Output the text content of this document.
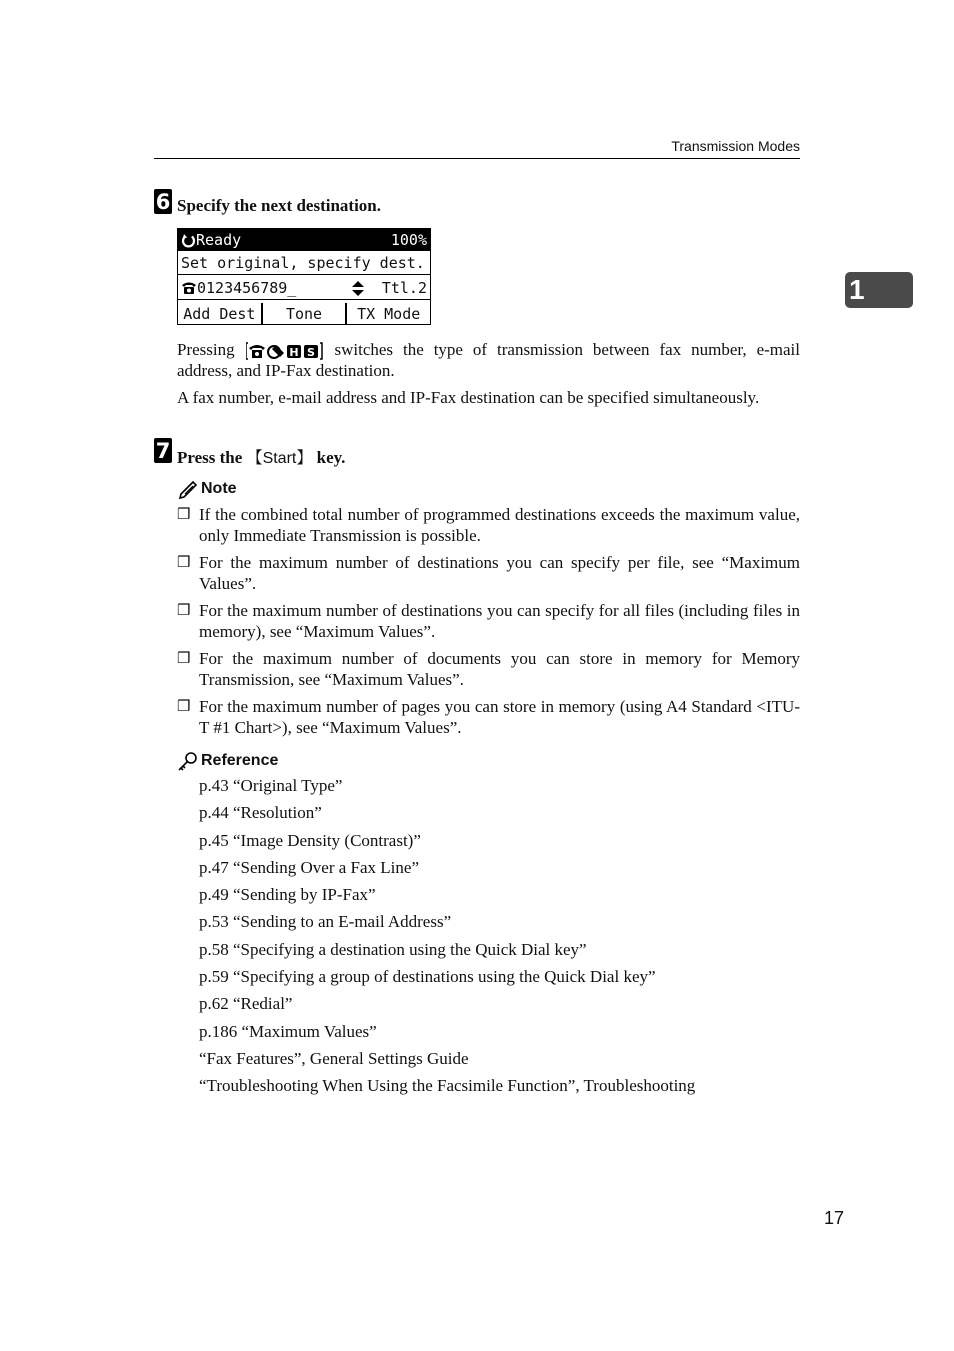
Transmission Modes
1
6 Specify the next destination.
Ready	100%
Set original, specify dest.
0123456789_	Ttl.2
Add Dest	Tone	TX Mode
Pressing	H S switches the type of transmission between fax number, e-mail address, and IP-Fax destination.
A fax number, e-mail address and IP-Fax destination can be specified simultaneously.
7 Press the 【Start】 key.
Note
❒ If the combined total number of programmed destinations exceeds the maximum value, only Immediate Transmission is possible.
❒ For the maximum number of destinations you can specify per file, see “Maximum Values”.
❒ For the maximum number of destinations you can specify for all files (including files in memory), see “Maximum Values”.
❒ For the maximum number of documents you can store in memory for Memory Transmission, see “Maximum Values”.
❒ For the maximum number of pages you can store in memory (using A4 Standard <ITU-T #1 Chart>), see “Maximum Values”.
Reference
p.43 “Original Type”
p.44 “Resolution”
p.45 “Image Density (Contrast)”
p.47 “Sending Over a Fax Line”
p.49 “Sending by IP-Fax”
p.53 “Sending to an E-mail Address”
p.58 “Specifying a destination using the Quick Dial key”
p.59 “Specifying a group of destinations using the Quick Dial key”
p.62 “Redial”
p.186 “Maximum Values”
“Fax Features”, General Settings Guide
“Troubleshooting When Using the Facsimile Function”, Troubleshooting
17
